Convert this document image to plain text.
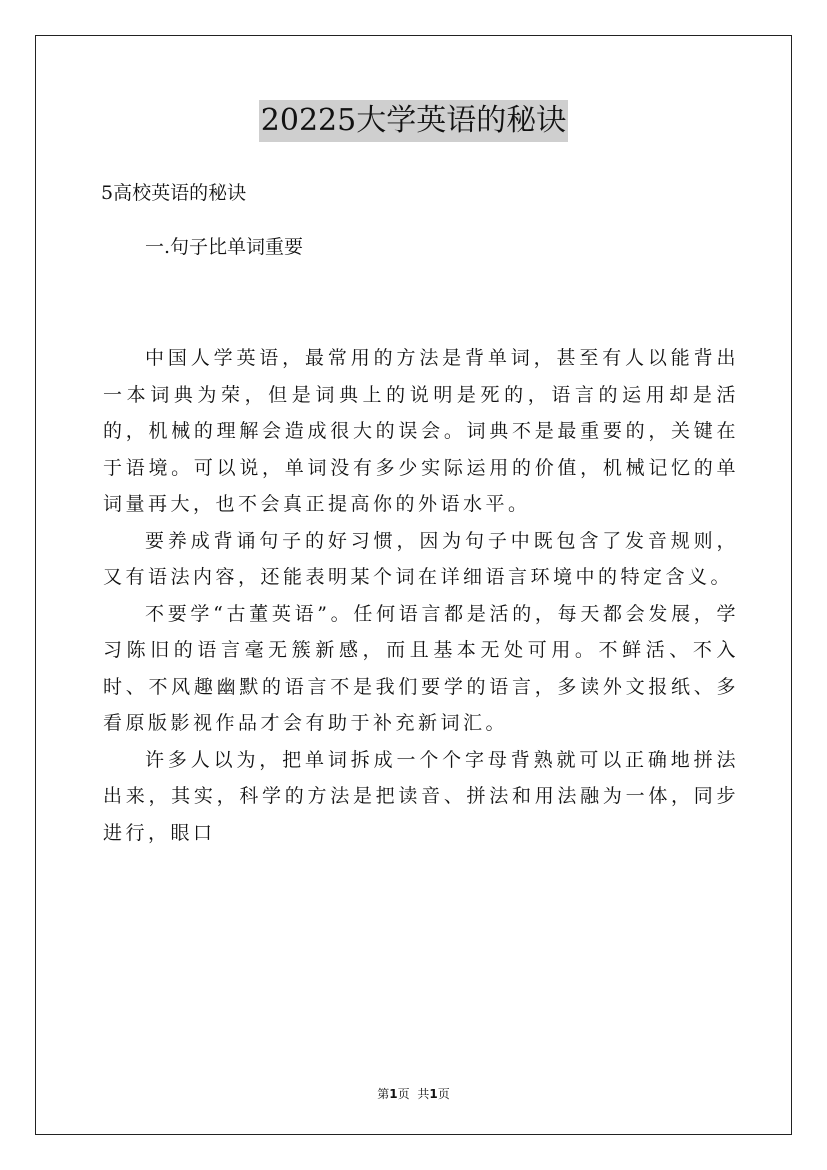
20225大学英语的秘诀
5高校英语的秘诀
一.句子比单词重要

中国人学英语，最常用的方法是背单词，甚至有人以能背出一本词典为荣，但是词典上的说明是死的，语言的运用却是活的，机械的理解会造成很大的误会。词典不是最重要的，关键在于语境。可以说，单词没有多少实际运用的价值，机械记忆的单词量再大，也不会真正提高你的外语水平。

要养成背诵句子的好习惯，因为句子中既包含了发音规则，又有语法内容，还能表明某个词在详细语言环境中的特定含义。

不要学“古董英语”。任何语言都是活的，每天都会发展，学习陈旧的语言毫无簇新感，而且基本无处可用。不鲜活、不入时、不风趣幽默的语言不是我们要学的语言，多读外文报纸、多看原版影视作品才会有助于补充新词汇。

许多人以为，把单词拆成一个个字母背熟就可以正确地拼法出来，其实，科学的方法是把读音、拼法和用法融为一体，同步进行，眼口

第1页 共1页
